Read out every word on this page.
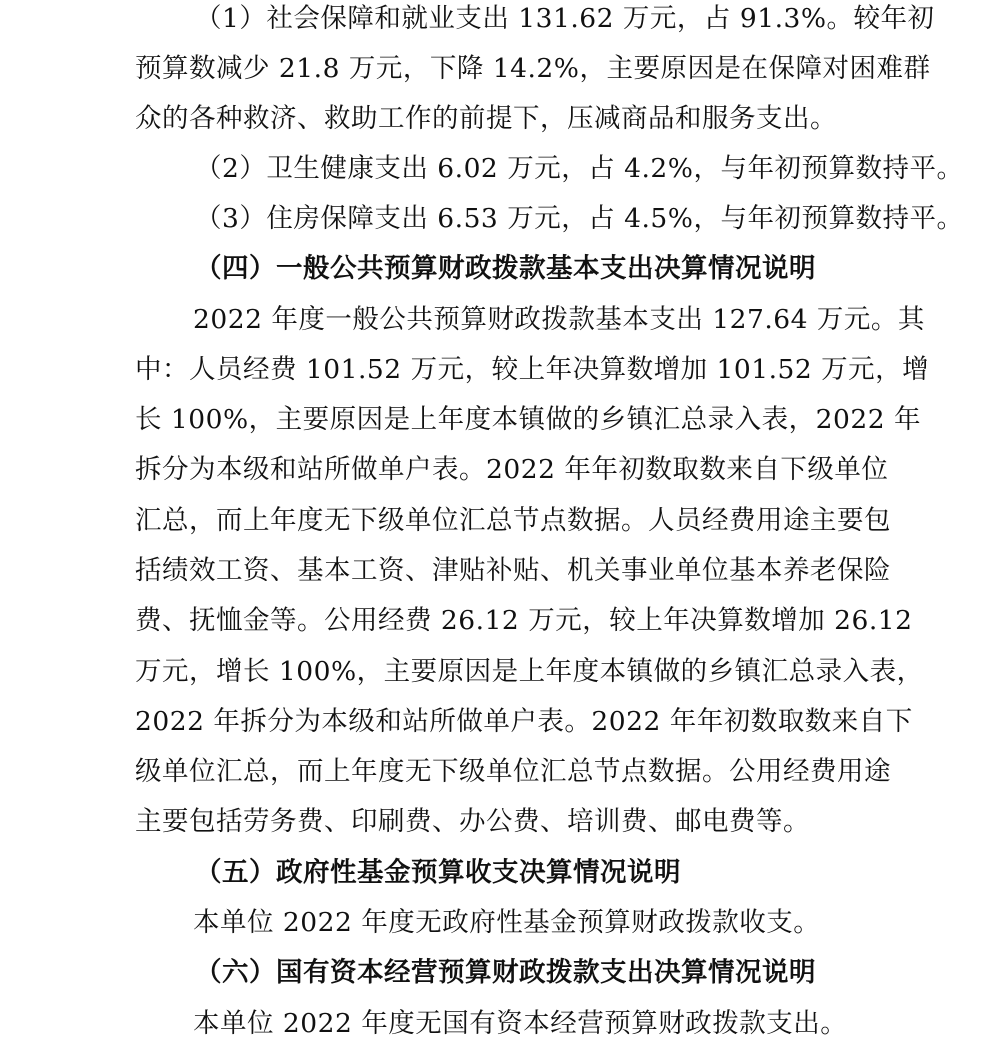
（1）社会保障和就业支出 131.62 万元，占 91.3%。较年初
预算数减少 21.8 万元，下降 14.2%，主要原因是在保障对困难群
众的各种救济、救助工作的前提下，压减商品和服务支出。
（2）卫生健康支出 6.02 万元，占 4.2%，与年初预算数持平。
（3）住房保障支出 6.53 万元，占 4.5%，与年初预算数持平。
（四）一般公共预算财政拨款基本支出决算情况说明
2022 年度一般公共预算财政拨款基本支出 127.64 万元。其
中：人员经费 101.52 万元，较上年决算数增加 101.52 万元，增
长 100%，主要原因是上年度本镇做的乡镇汇总录入表，2022 年
拆分为本级和站所做单户表。2022 年年初数取数来自下级单位
汇总，而上年度无下级单位汇总节点数据。人员经费用途主要包
括绩效工资、基本工资、津贴补贴、机关事业单位基本养老保险
费、抚恤金等。公用经费 26.12 万元，较上年决算数增加 26.12
万元，增长 100%，主要原因是上年度本镇做的乡镇汇总录入表，
2022 年拆分为本级和站所做单户表。2022 年年初数取数来自下
级单位汇总，而上年度无下级单位汇总节点数据。公用经费用途
主要包括劳务费、印刷费、办公费、培训费、邮电费等。
（五）政府性基金预算收支决算情况说明
本单位 2022 年度无政府性基金预算财政拨款收支。
（六）国有资本经营预算财政拨款支出决算情况说明
本单位 2022 年度无国有资本经营预算财政拨款支出。
